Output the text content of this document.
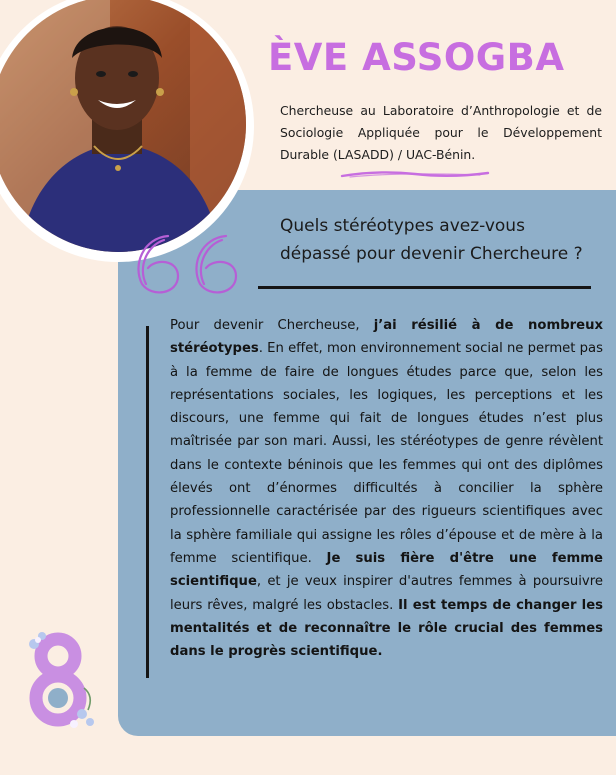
ÈVE ASSOGBA
Chercheuse au Laboratoire d’Anthropologie et de Sociologie Appliquée pour le Développement Durable (LASADD) / UAC-Bénin.
Quels stéréotypes avez-vous dépassé pour devenir Chercheure ?
Pour devenir Chercheuse, j’ai résilié à de nombreux stéréotypes. En effet, mon environnement social ne permet pas à la femme de faire de longues études parce que, selon les représentations sociales, les logiques, les perceptions et les discours, une femme qui fait de longues études n’est plus maîtrisée par son mari. Aussi, les stéréotypes de genre révèlent dans le contexte béninois que les femmes qui ont des diplômes élevés ont d’énormes difficultés à concilier la sphère professionnelle caractérisée par des rigueurs scientifiques avec la sphère familiale qui assigne les rôles d’épouse et de mère à la femme scientifique. Je suis fière d'être une femme scientifique, et je veux inspirer d'autres femmes à poursuivre leurs rêves, malgré les obstacles. Il est temps de changer les mentalités et de reconnaître le rôle crucial des femmes dans le progrès scientifique.
